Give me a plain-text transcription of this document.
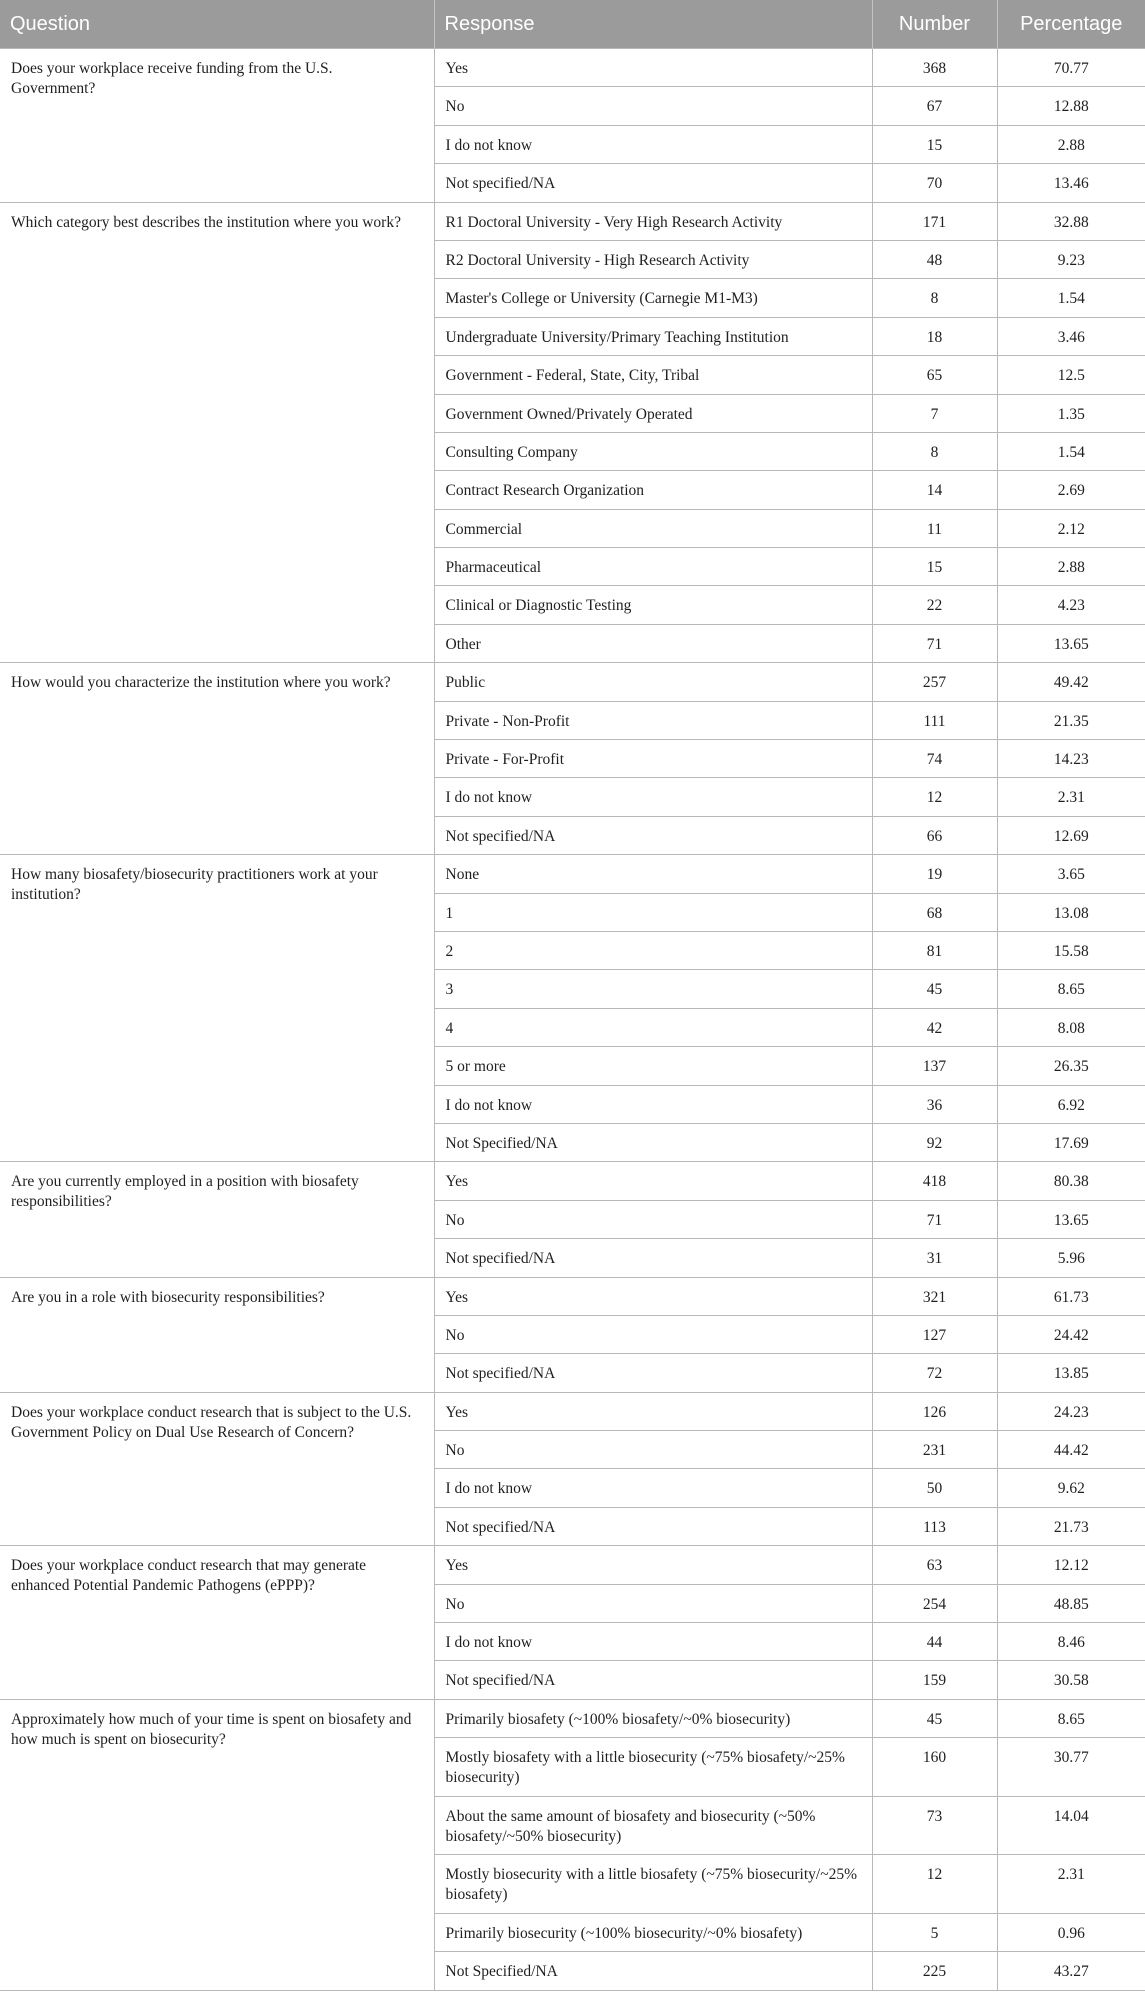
Question	Response	Number	Percentage
Does your workplace receive funding from the U.S. Government?	Yes	368	70.77
	No	67	12.88
	I do not know	15	2.88
	Not specified/NA	70	13.46
Which category best describes the institution where you work?	R1 Doctoral University - Very High Research Activity	171	32.88
	R2 Doctoral University - High Research Activity	48	9.23
	Master's College or University (Carnegie M1-M3)	8	1.54
	Undergraduate University/Primary Teaching Institution	18	3.46
	Government - Federal, State, City, Tribal	65	12.5
	Government Owned/Privately Operated	7	1.35
	Consulting Company	8	1.54
	Contract Research Organization	14	2.69
	Commercial	11	2.12
	Pharmaceutical	15	2.88
	Clinical or Diagnostic Testing	22	4.23
	Other	71	13.65
How would you characterize the institution where you work?	Public	257	49.42
	Private - Non-Profit	111	21.35
	Private - For-Profit	74	14.23
	I do not know	12	2.31
	Not specified/NA	66	12.69
How many biosafety/biosecurity practitioners work at your institution?	None	19	3.65
	1	68	13.08
	2	81	15.58
	3	45	8.65
	4	42	8.08
	5 or more	137	26.35
	I do not know	36	6.92
	Not Specified/NA	92	17.69
Are you currently employed in a position with biosafety responsibilities?	Yes	418	80.38
	No	71	13.65
	Not specified/NA	31	5.96
Are you in a role with biosecurity responsibilities?	Yes	321	61.73
	No	127	24.42
	Not specified/NA	72	13.85
Does your workplace conduct research that is subject to the U.S. Government Policy on Dual Use Research of Concern?	Yes	126	24.23
	No	231	44.42
	I do not know	50	9.62
	Not specified/NA	113	21.73
Does your workplace conduct research that may generate enhanced Potential Pandemic Pathogens (ePPP)?	Yes	63	12.12
	No	254	48.85
	I do not know	44	8.46
	Not specified/NA	159	30.58
Approximately how much of your time is spent on biosafety and how much is spent on biosecurity?	Primarily biosafety (~100% biosafety/~0% biosecurity)	45	8.65
	Mostly biosafety with a little biosecurity (~75% biosafety/~25% biosecurity)	160	30.77
	About the same amount of biosafety and biosecurity (~50% biosafety/~50% biosecurity)	73	14.04
	Mostly biosecurity with a little biosafety (~75% biosecurity/~25% biosafety)	12	2.31
	Primarily biosecurity (~100% biosecurity/~0% biosafety)	5	0.96
	Not Specified/NA	225	43.27
